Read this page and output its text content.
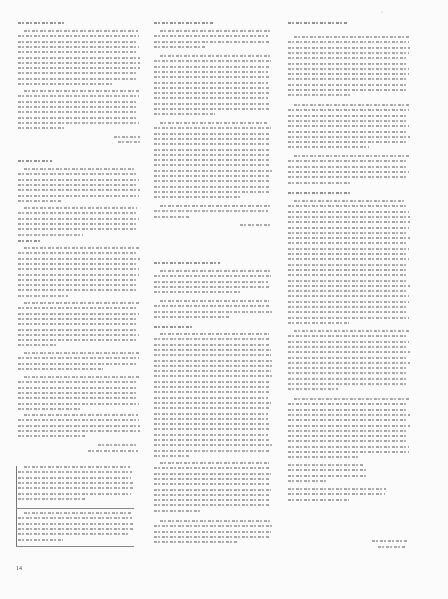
·
14
